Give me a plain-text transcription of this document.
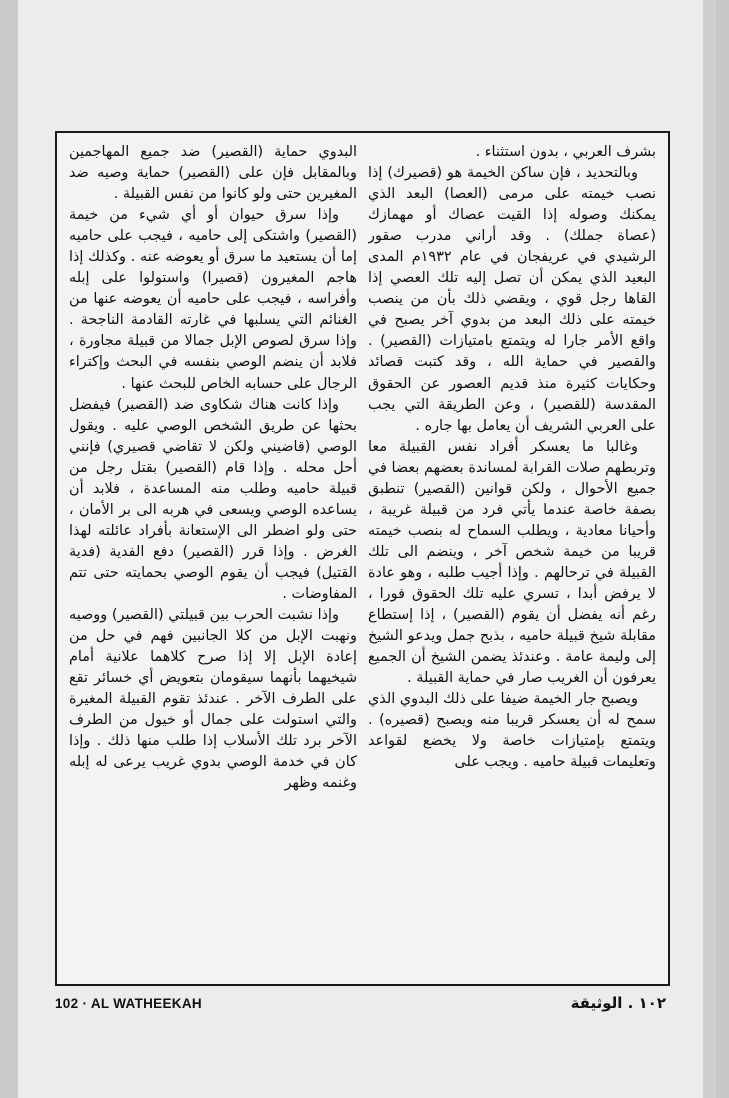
بشرف العربي ، بدون استثناء .

وبالتحديد ، فإن ساكن الخيمة هو (قصيرك) إذا نصب خيمته على مرمى (العصا) البعد الذي يمكنك وصوله إذا القيت عصاك أو مهمازك (عصاة جملك) . وقد أراني مدرب صقور الرشيدي في عريفجان في عام ١٩٣٢م المدى البعيد الذي يمكن أن تصل إليه تلك العصي إذا القاها رجل قوي ، ويقضي ذلك بأن من ينصب خيمته على ذلك البعد من بدوي آخر يصبح في واقع الأمر جارا له ويتمتع بامتيازات (القصير) . والقصير في حماية الله ، وقد كتبت قصائد وحكايات كثيرة منذ قديم العصور عن الحقوق المقدسة (للقصير) ، وعن الطريقة التي يجب على العربي الشريف أن يعامل بها جاره .

وغالبا ما يعسكر أفراد نفس القبيلة معا وتربطهم صلات القرابة لمساندة بعضهم بعضا في جميع الأحوال ، ولكن قوانين (القصير) تنطبق بصفة خاصة عندما يأتي فرد من قبيلة غريبة ، وأحيانا معادية ، ويطلب السماح له بنصب خيمته قريبا من خيمة شخص آخر ، وينضم الى تلك القبيلة في ترحالهم . وإذا أجيب طلبه ، وهو عادة لا يرفض أبدا ، تسري عليه تلك الحقوق فورا ، رغم أنه يفضل أن يقوم (القصير) ، إذا إستطاع مقابلة شيخ قبيلة حاميه ، بذبح جمل ويدعو الشيخ إلى وليمة عامة . وعندئذ يضمن الشيخ أن الجميع يعرفون أن الغريب صار في حماية القبيلة .

ويصبح جار الخيمة ضيفا على ذلك البدوي الذي سمح له أن يعسكر قريبا منه ويصبح (قصيره) . ويتمتع بإمتيازات خاصة ولا يخضع لقواعد وتعليمات قبيلة حاميه . ويجب على

البدوي حماية (القصير) ضد جميع المهاجمين وبالمقابل فإن على (القصير) حماية وصيه ضد المغيرين حتى ولو كانوا من نفس القبيلة .

وإذا سرق حيوان أو أي شيء من خيمة (القصير) واشتكى إلى حاميه ، فيجب على حاميه إما أن يستعيد ما سرق أو يعوضه عنه . وكذلك إذا هاجم المغيرون (قصيرا) واستولوا على إبله وأفراسه ، فيجب على حاميه أن يعوضه عنها من الغنائم التي يسلبها في غارته القادمة الناجحة . وإذا سرق لصوص الإبل جمالا من قبيلة مجاورة ، فلابد أن ينضم الوصي بنفسه في البحث وإكتراء الرجال على حسابه الخاص للبحث عنها .

وإذا كانت هناك شكاوى ضد (القصير) فيفضل بحثها عن طريق الشخص الوصي عليه . ويقول الوصي (قاضيني ولكن لا تقاضي قصيري) فإنني أحل محله . وإذا قام (القصير) بقتل رجل من قبيلة حاميه وطلب منه المساعدة ، فلابد أن يساعده الوصي ويسعى في هربه الى بر الأمان ، حتى ولو اضطر الى الإستعانة بأفراد عائلته لهذا الغرض . وإذا قرر (القصير) دفع الفدية (فدية القتيل) فيجب أن يقوم الوصي بحمايته حتى تتم المفاوضات .

وإذا نشبت الحرب بين قبيلتي (القصير) ووصيه ونهبت الإبل من كلا الجانبين فهم في حل من إعادة الإبل إلا إذا صرح كلاهما علانية أمام شيخيهما بأنهما سيقومان بتعويض أي خسائر تقع على الطرف الآخر . عندئذ تقوم القبيلة المغيرة والتي استولت على جمال أو خيول من الطرف الآخر برد تلك الأسلاب إذا طلب منها ذلك . وإذا كان في خدمة الوصي بدوي غريب يرعى له إبله وغنمه وظهر

102 · AL WATHEEKAH	١٠٢ . الوثيقة
